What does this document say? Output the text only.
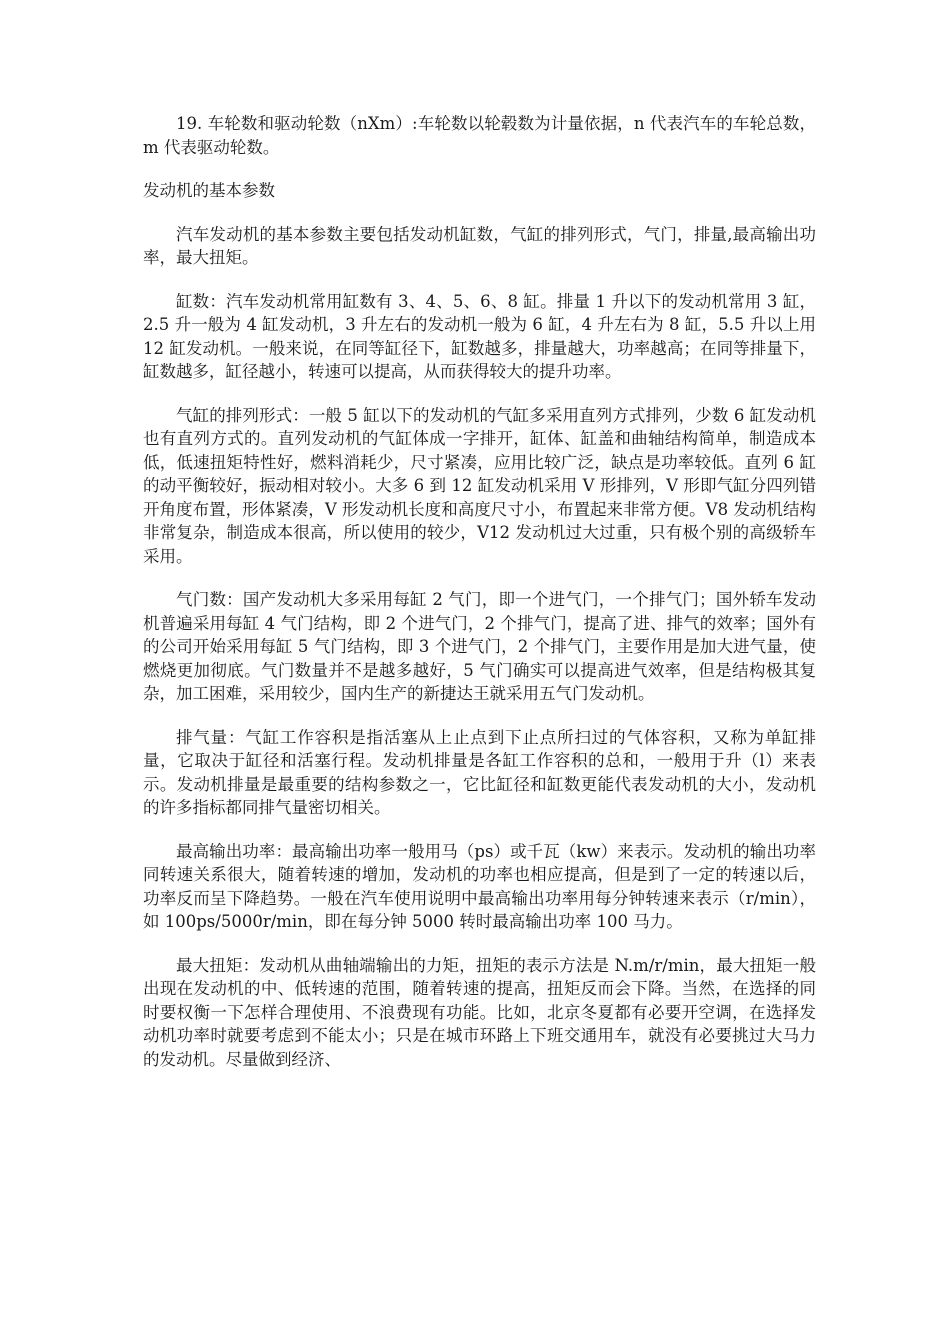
19. 车轮数和驱动轮数（nXm）:车轮数以轮毂数为计量依据，n 代表汽车的车轮总数，m 代表驱动轮数。

发动机的基本参数

汽车发动机的基本参数主要包括发动机缸数，气缸的排列形式，气门，排量,最高输出功率，最大扭矩。

缸数：汽车发动机常用缸数有 3、4、5、6、8 缸。排量 1 升以下的发动机常用 3 缸，2.5 升一般为 4 缸发动机，3 升左右的发动机一般为 6 缸，4 升左右为 8 缸，5.5 升以上用 12 缸发动机。一般来说，在同等缸径下，缸数越多，排量越大，功率越高；在同等排量下，缸数越多，缸径越小，转速可以提高，从而获得较大的提升功率。

气缸的排列形式：一般 5 缸以下的发动机的气缸多采用直列方式排列，少数 6 缸发动机也有直列方式的。直列发动机的气缸体成一字排开，缸体、缸盖和曲轴结构简单，制造成本低，低速扭矩特性好，燃料消耗少，尺寸紧凑，应用比较广泛，缺点是功率较低。直列 6 缸的动平衡较好，振动相对较小。大多 6 到 12 缸发动机采用 V 形排列，V 形即气缸分四列错开角度布置，形体紧凑，V 形发动机长度和高度尺寸小，布置起来非常方便。V8 发动机结构非常复杂，制造成本很高，所以使用的较少，V12 发动机过大过重，只有极个别的高级轿车采用。

气门数：国产发动机大多采用每缸 2 气门，即一个进气门，一个排气门；国外轿车发动机普遍采用每缸 4 气门结构，即 2 个进气门，2 个排气门，提高了进、排气的效率；国外有的公司开始采用每缸 5 气门结构，即 3 个进气门，2 个排气门，主要作用是加大进气量，使燃烧更加彻底。气门数量并不是越多越好，5 气门确实可以提高进气效率，但是结构极其复杂，加工困难，采用较少，国内生产的新捷达王就采用五气门发动机。

排气量：气缸工作容积是指活塞从上止点到下止点所扫过的气体容积，又称为单缸排量，它取决于缸径和活塞行程。发动机排量是各缸工作容积的总和，一般用于升（l）来表示。发动机排量是最重要的结构参数之一，它比缸径和缸数更能代表发动机的大小，发动机的许多指标都同排气量密切相关。

最高输出功率：最高输出功率一般用马（ps）或千瓦（kw）来表示。发动机的输出功率同转速关系很大，随着转速的增加，发动机的功率也相应提高，但是到了一定的转速以后，功率反而呈下降趋势。一般在汽车使用说明中最高输出功率用每分钟转速来表示（r/min），如 100ps/5000r/min，即在每分钟 5000 转时最高输出功率 100 马力。

最大扭矩：发动机从曲轴端输出的力矩，扭矩的表示方法是 N.m/r/min，最大扭矩一般出现在发动机的中、低转速的范围，随着转速的提高，扭矩反而会下降。当然，在选择的同时要权衡一下怎样合理使用、不浪费现有功能。比如，北京冬夏都有必要开空调，在选择发动机功率时就要考虑到不能太小；只是在城市环路上下班交通用车，就没有必要挑过大马力的发动机。尽量做到经济、
